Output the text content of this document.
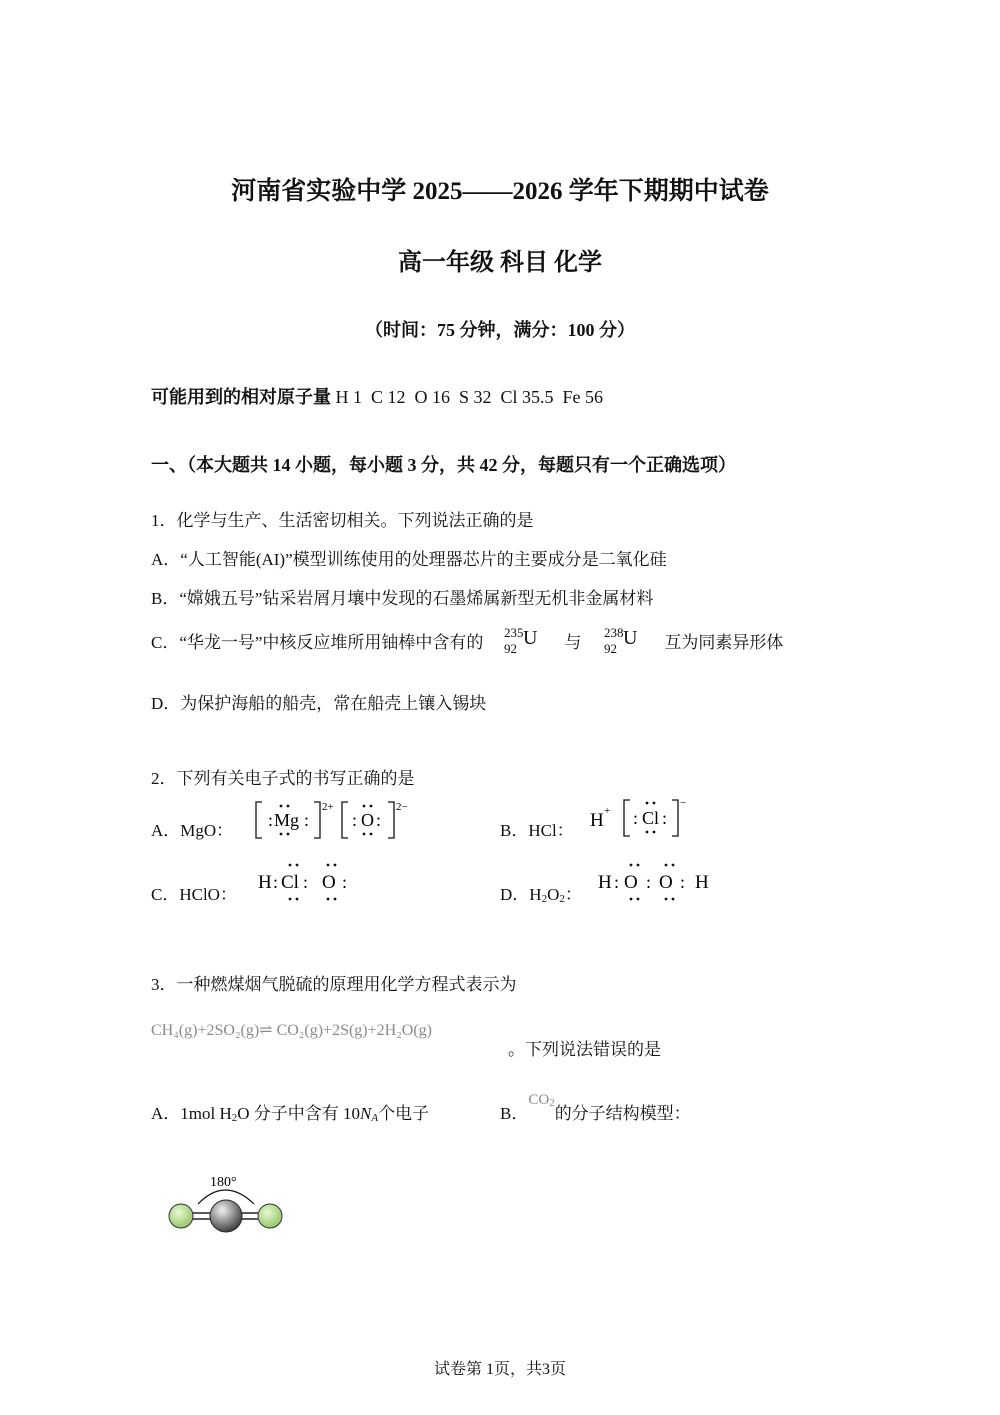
河南省实验中学 2025——2026 学年下期期中试卷
高一年级 科目 化学
（时间：75 分钟，满分：100 分）
可能用到的相对原子量 H 1  C 12  O 16  S 32  Cl 35.5  Fe 56
一、（本大题共 14 小题，每小题 3 分，共 42 分，每题只有一个正确选项）
1．化学与生产、生活密切相关。下列说法正确的是
A．“人工智能(AI)”模型训练使用的处理器芯片的主要成分是二氧化硅
B．“嫦娥五号”钻采岩屑月壤中发现的石墨烯属新型无机非金属材料
C．“华龙一号”中核反应堆所用铀棒中含有的
235
92 U 与
238
92 U 互为同素异形体
D．为保护海船的船壳，常在船壳上镶入锡块
2．下列有关电子式的书写正确的是
A．MgO：
: Mg :
2+
: O :
2−
B．HCl： H + : Cl :
−
C．HClO：
H : Cl : O :
D．H2O2：
H : O : O : H
3．一种燃煤烟气脱硫的原理用化学方程式表示为
CH₄(g)+2SO₂(g)⇌ CO₂(g)+2S(g)+2H₂O(g)
。下列说法错误的是
A．1mol H2O 分子中含有 10NA个电子	B．CO2的分子结构模型：
180°
试卷第 1页，共3页
